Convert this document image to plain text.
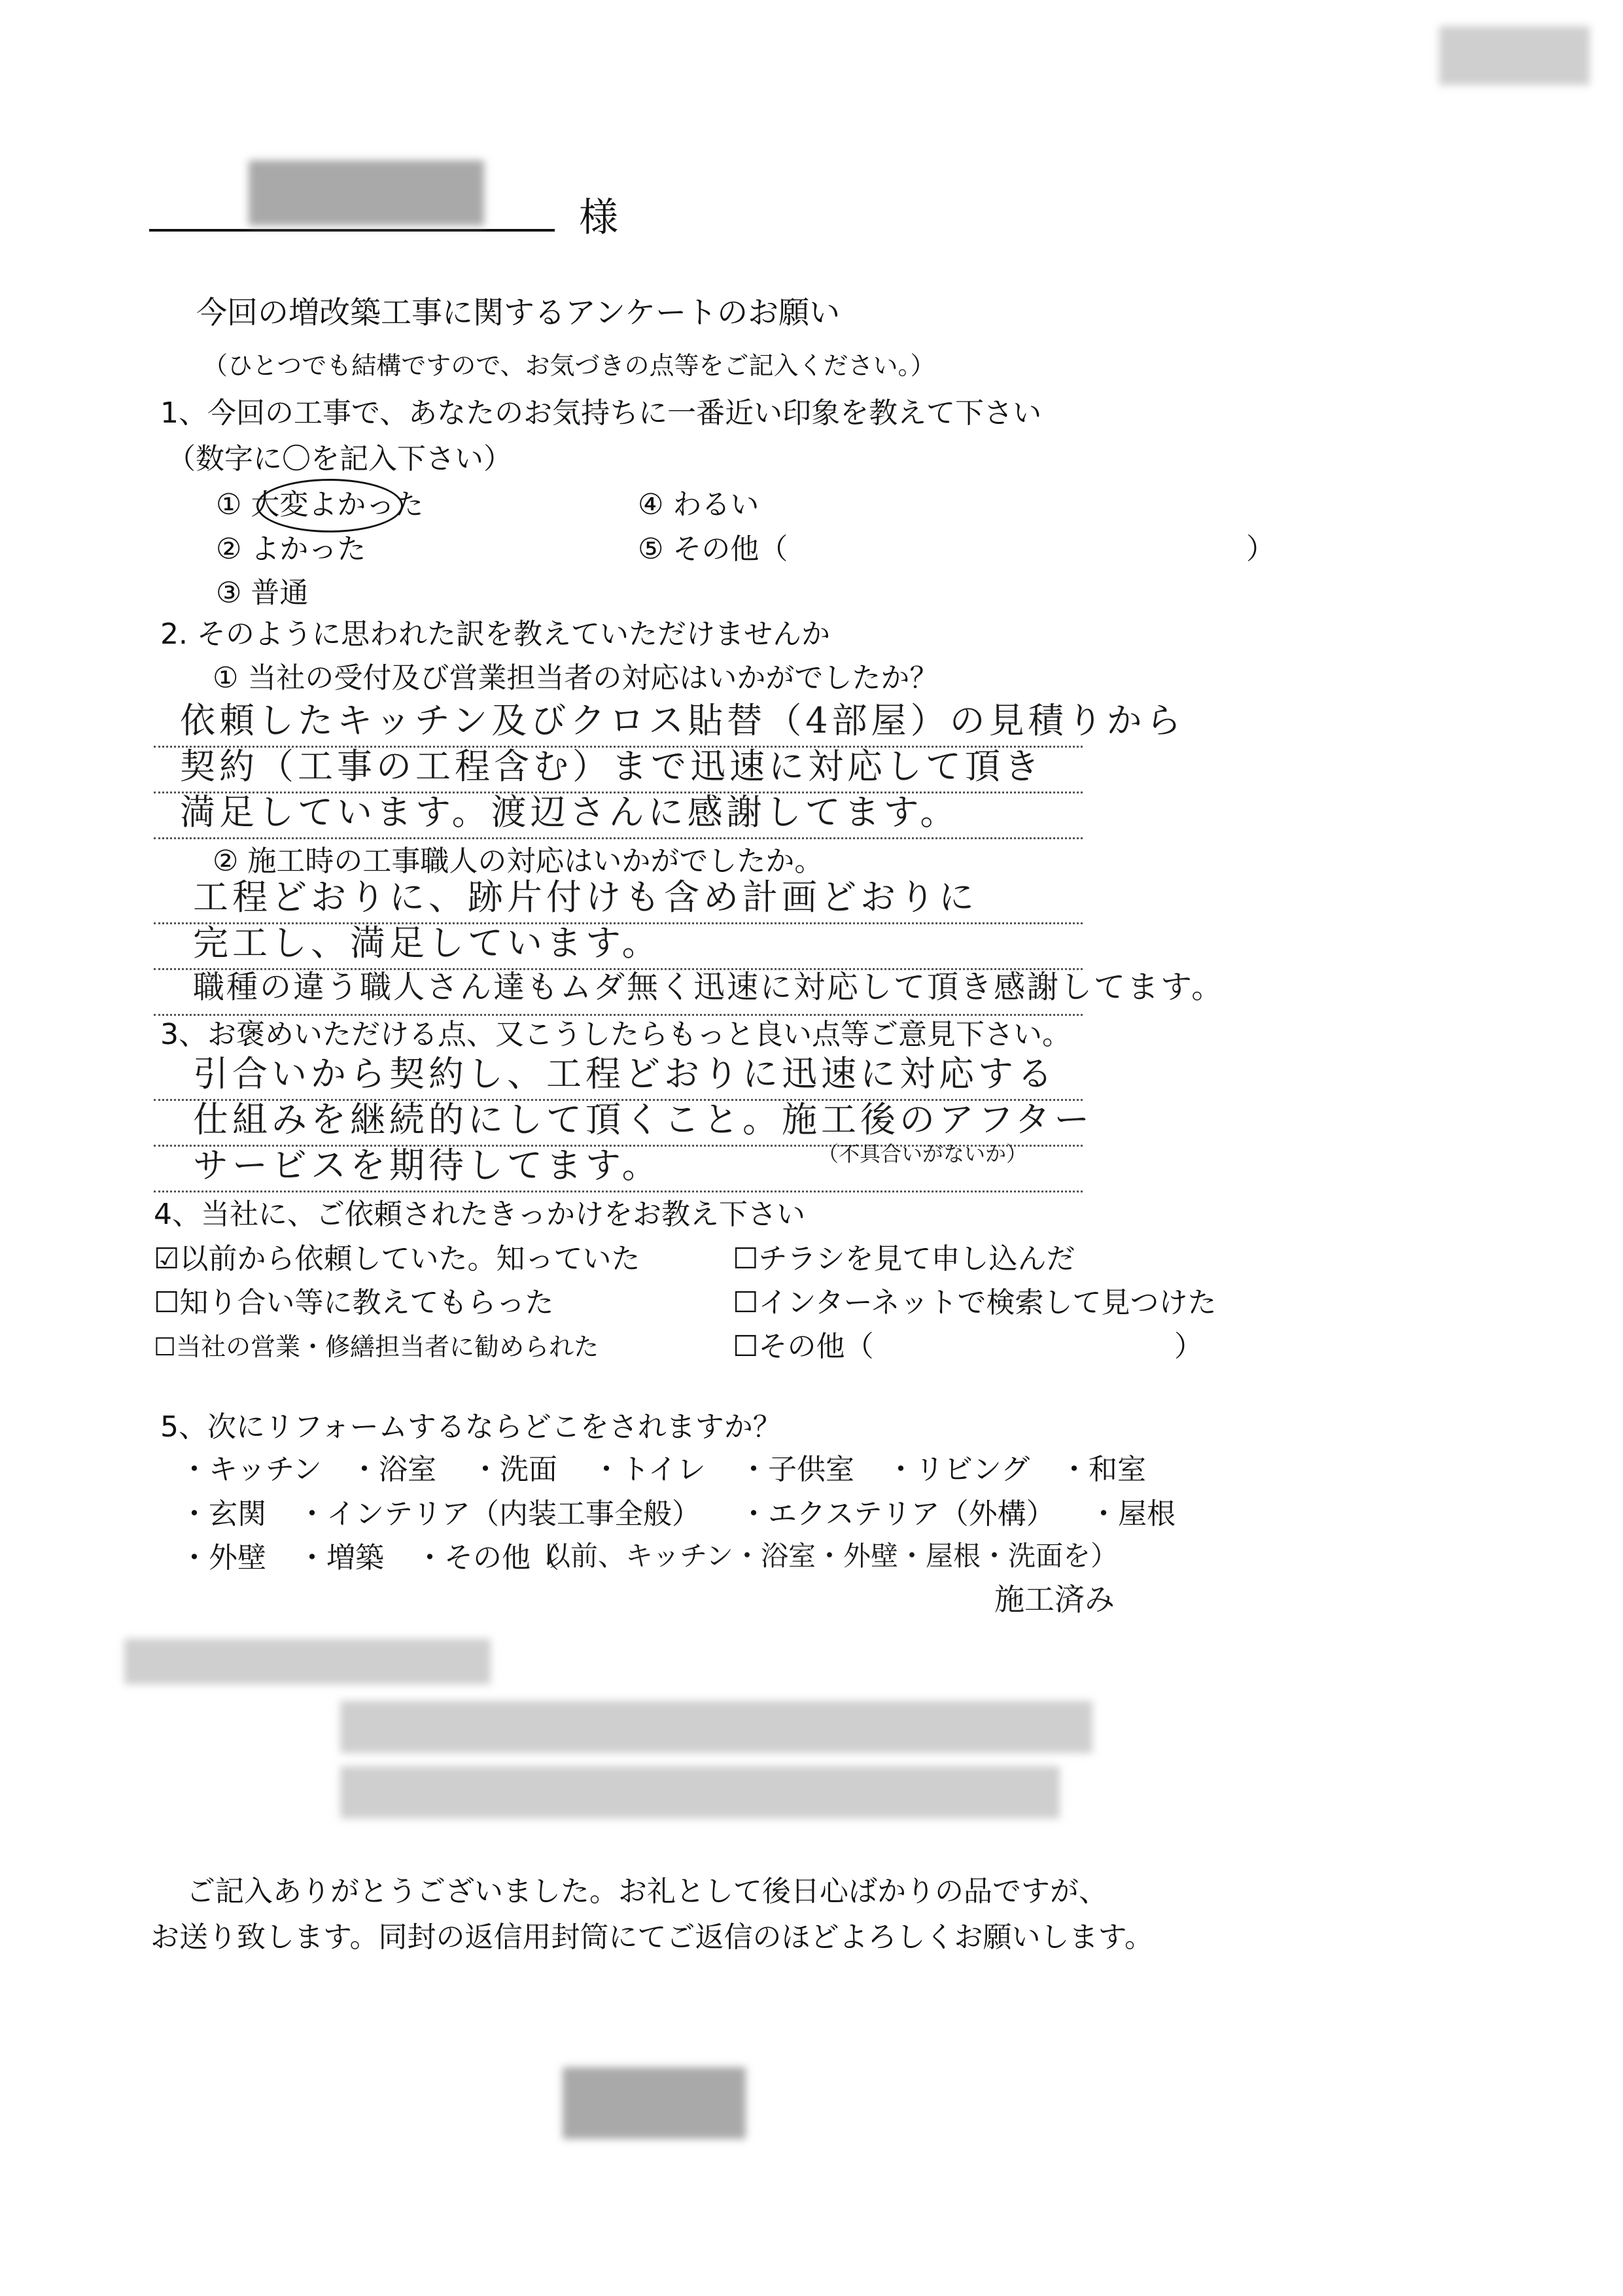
様
今回の増改築工事に関するアンケートのお願い
（ひとつでも結構ですので、お気づきの点等をご記入ください。）
1、今回の工事で、あなたのお気持ちに一番近い印象を教えて下さい
（数字に〇を記入下さい）
① 大変よかった
② よかった
③ 普通
④ わるい
⑤ その他（	）
2. そのように思われた訳を教えていただけませんか
① 当社の受付及び営業担当者の対応はいかがでしたか？
依頼したキッチン及びクロス貼替（4部屋）の見積りから
契約（工事の工程含む）まで迅速に対応して頂き
満足しています。渡辺さんに感謝してます。
② 施工時の工事職人の対応はいかがでしたか。
工程どおりに、跡片付けも含め計画どおりに
完工し、満足しています。
職種の違う職人さん達もムダ無く迅速に対応して頂き感謝してます。
3、お褒めいただける点、又こうしたらもっと良い点等ご意見下さい。
引合いから契約し、工程どおりに迅速に対応する
仕組みを継続的にして頂くこと。施工後のアフター
サービスを期待してます。	（不具合いがないか）
4、当社に、ご依頼されたきっかけをお教え下さい
☑以前から依頼していた。知っていた	☐チラシを見て申し込んだ
☐知り合い等に教えてもらった	☐インターネットで検索して見つけた
☐当社の営業・修繕担当者に勧められた	☐その他（	）
5、次にリフォームするならどこをされますか？
・キッチン ・浴室 ・洗面 ・トイレ ・子供室 ・リビング ・和室
・玄関 ・インテリア（内装工事全般） ・エクステリア（外構） ・屋根
・外壁 ・増築 ・その他（
以前、キッチン・浴室・外壁・屋根・洗面を）
施工済み
ご記入ありがとうございました。お礼として後日心ばかりの品ですが、
お送り致します。同封の返信用封筒にてご返信のほどよろしくお願いします。
